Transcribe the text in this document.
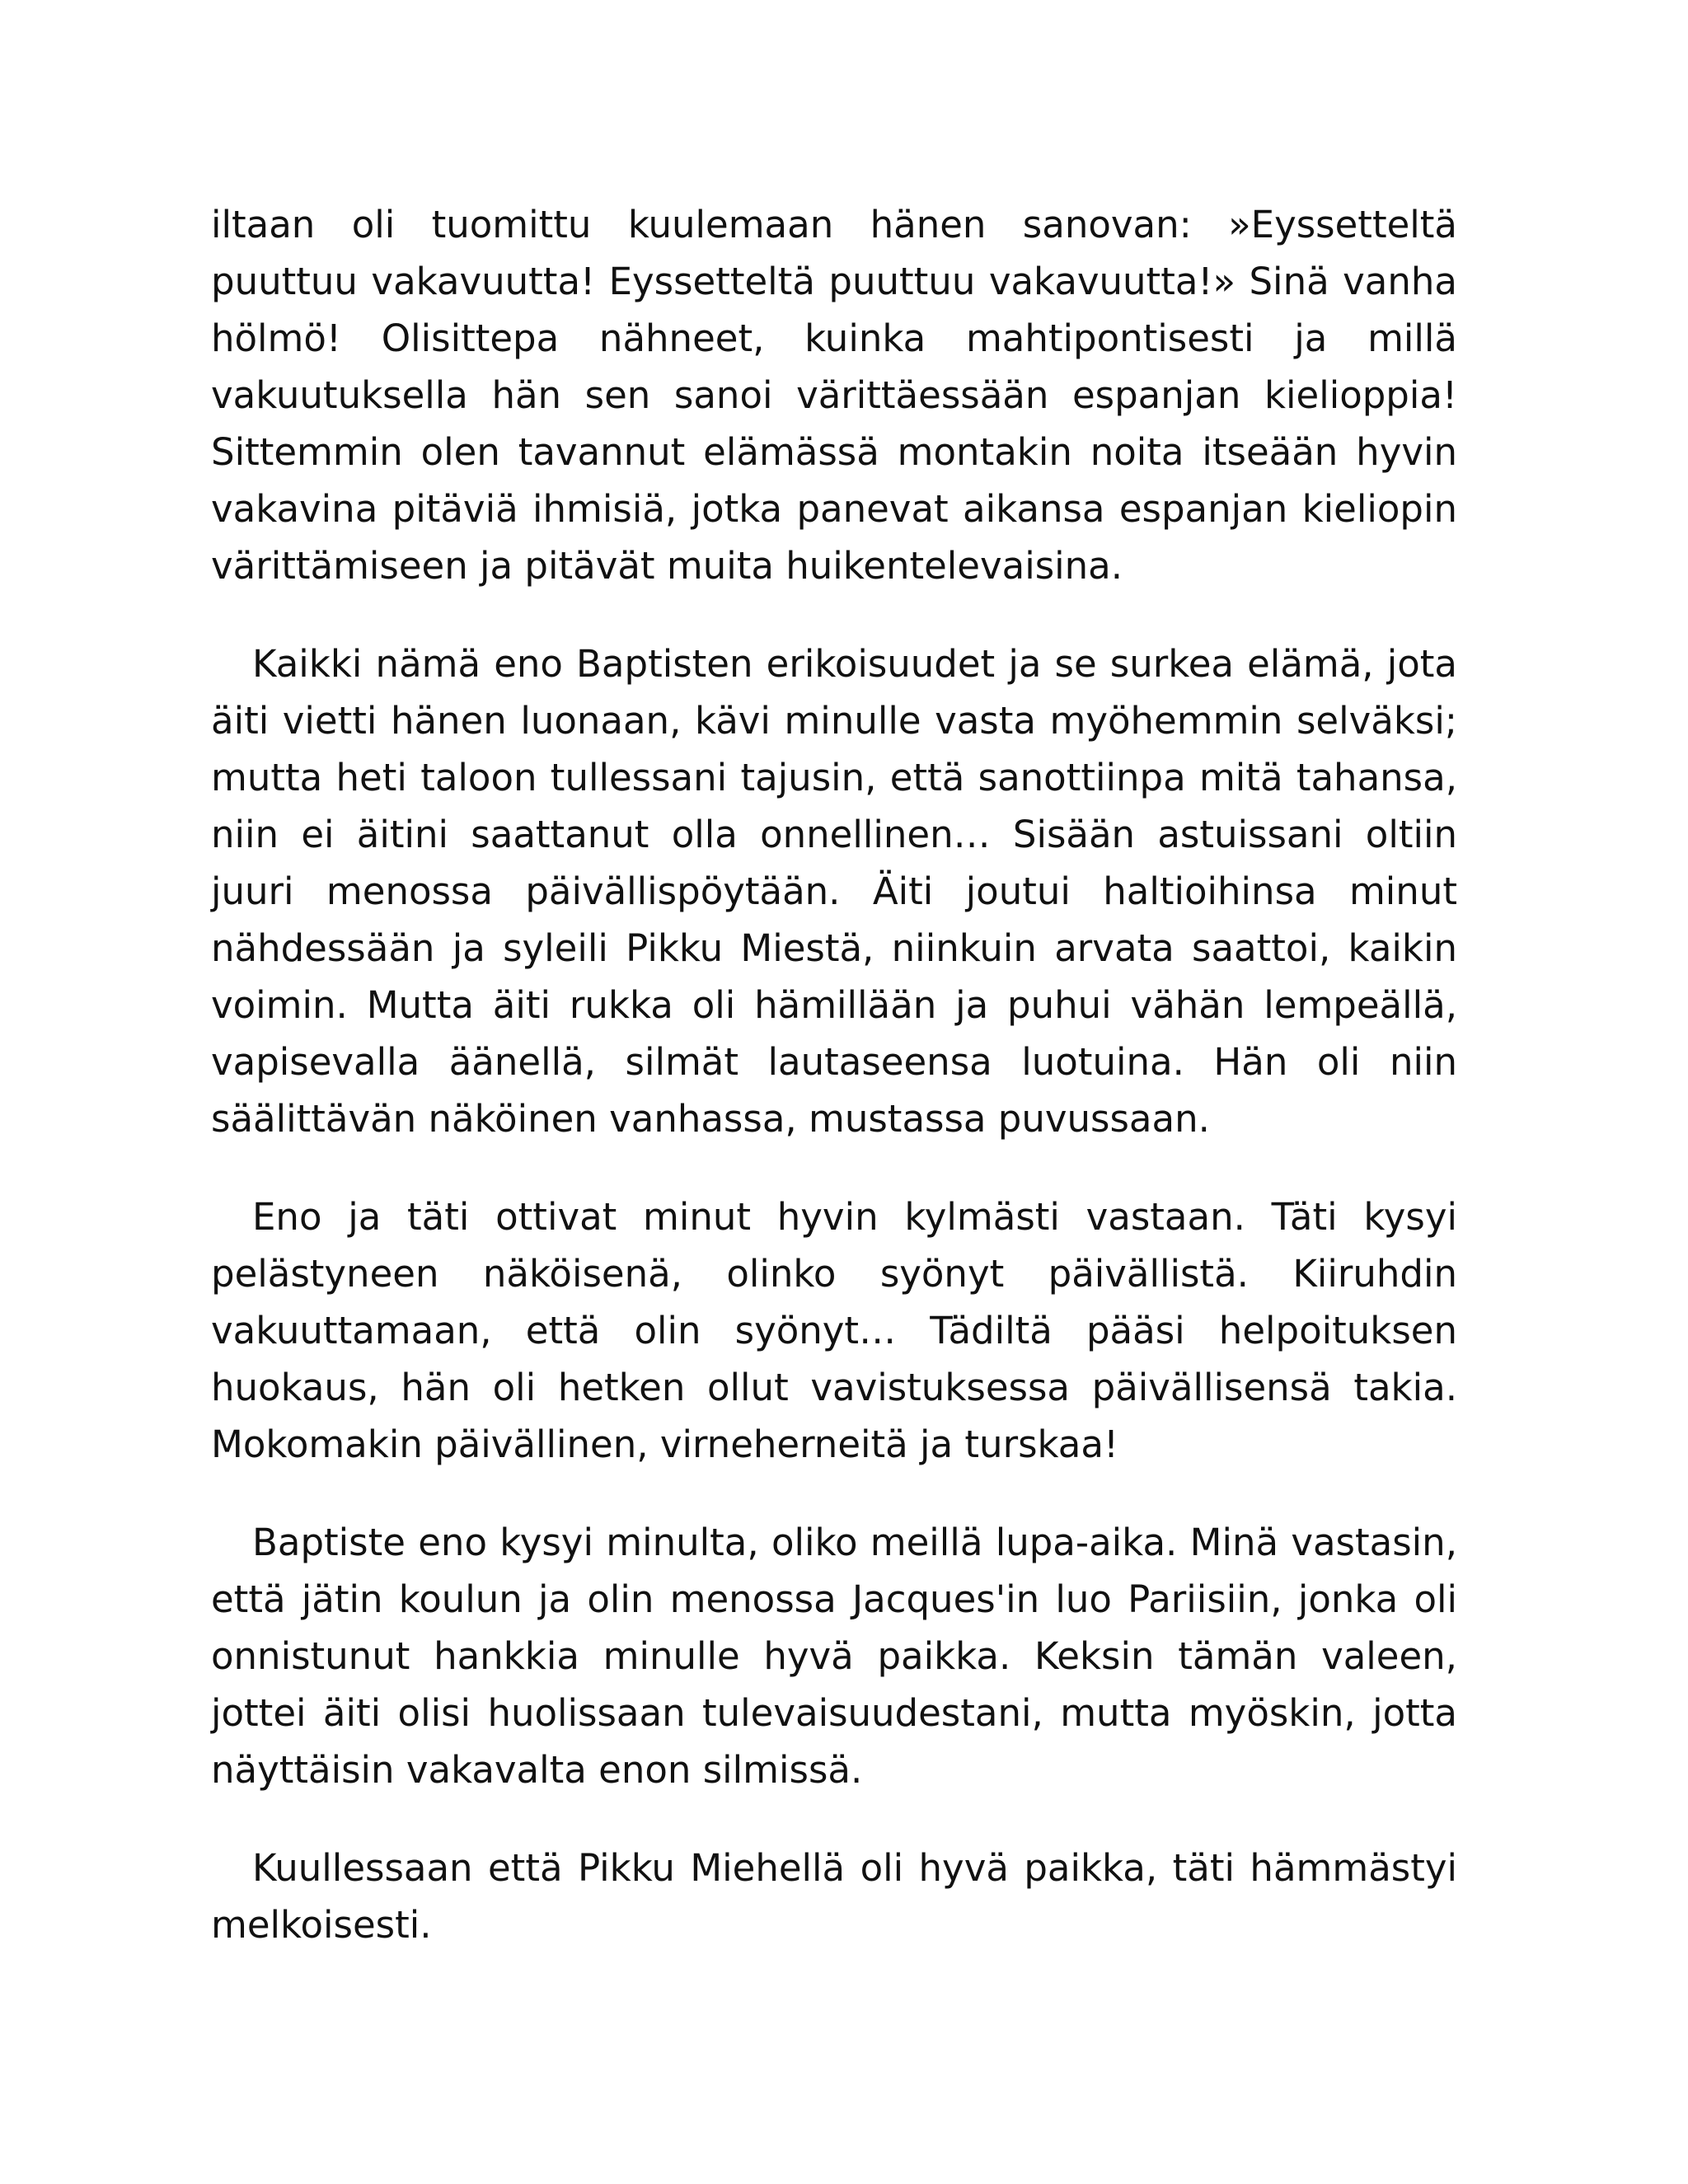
iltaan oli tuomittu kuulemaan hänen sanovan: »Eyssetteltä puuttuu vakavuutta! Eyssetteltä puuttuu vakavuutta!» Sinä vanha hölmö! Olisittepa nähneet, kuinka mahtipontisesti ja millä vakuutuksella hän sen sanoi värittäessään espanjan kielioppia! Sittemmin olen tavannut elämässä montakin noita itseään hyvin vakavina pitäviä ihmisiä, jotka panevat aikansa espanjan kieliopin värittämiseen ja pitävät muita huikentelevaisina.

Kaikki nämä eno Baptisten erikoisuudet ja se surkea elämä, jota äiti vietti hänen luonaan, kävi minulle vasta myöhemmin selväksi; mutta heti taloon tullessani tajusin, että sanottiinpa mitä tahansa, niin ei äitini saattanut olla onnellinen… Sisään astuissani oltiin juuri menossa päivällispöytään. Äiti joutui haltioihinsa minut nähdessään ja syleili Pikku Miestä, niinkuin arvata saattoi, kaikin voimin. Mutta äiti rukka oli hämillään ja puhui vähän lempeällä, vapisevalla äänellä, silmät lautaseensa luotuina. Hän oli niin säälittävän näköinen vanhassa, mustassa puvussaan.

Eno ja täti ottivat minut hyvin kylmästi vastaan. Täti kysyi pelästyneen näköisenä, olinko syönyt päivällistä. Kiiruhdin vakuuttamaan, että olin syönyt… Tädiltä pääsi helpoituksen huokaus, hän oli hetken ollut vavistuksessa päivällisensä takia. Mokomakin päivällinen, virneherneitä ja turskaa!

Baptiste eno kysyi minulta, oliko meillä lupa-aika. Minä vastasin, että jätin koulun ja olin menossa Jacques'in luo Pariisiin, jonka oli onnistunut hankkia minulle hyvä paikka. Keksin tämän valeen, jottei äiti olisi huolissaan tulevaisuudestani, mutta myöskin, jotta näyttäisin vakavalta enon silmissä.

Kuullessaan että Pikku Miehellä oli hyvä paikka, täti hämmästyi melkoisesti.
